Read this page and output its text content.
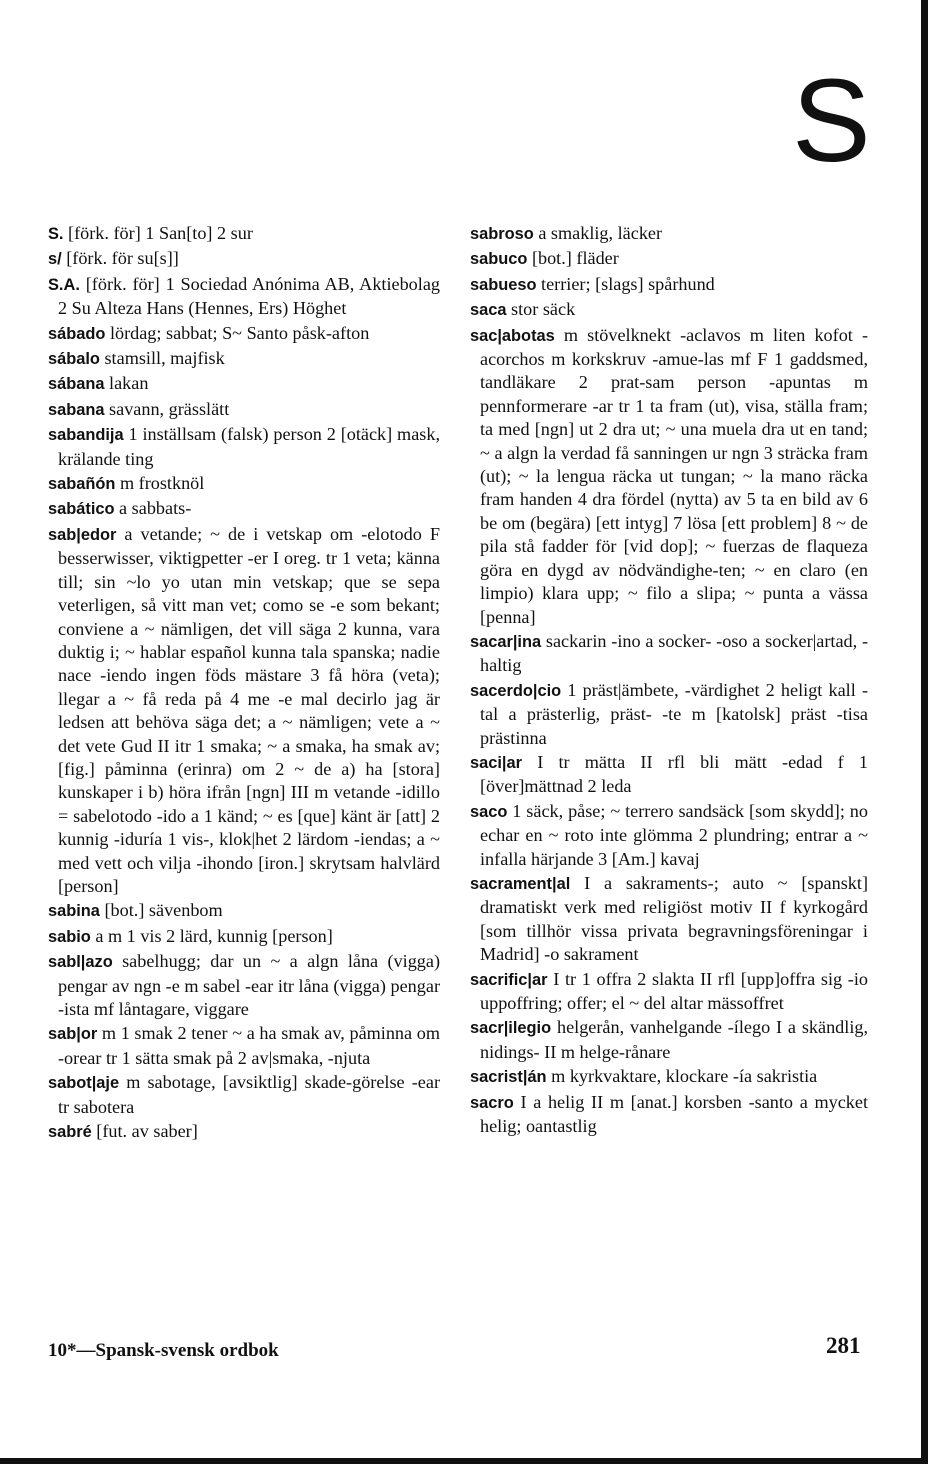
S

S. [förk. för] 1 San[to] 2 sur

s/ [förk. för su[s]]

S.A. [förk. för] 1 Sociedad Anónima AB, Aktiebolag 2 Su Alteza Hans (Hennes, Ers) Höghet

sábado lördag; sabbat; S~ Santo påsk-afton

sábalo stamsill, majfisk

sábana lakan

sabana savann, grässlätt

sabandija 1 inställsam (falsk) person 2 [otäck] mask, krälande ting

sabañón m frostknöl

sabático a sabbats-

sab|edor a vetande; ~ de i vetskap om -elotodo F besserwisser, viktigpetter -er I oreg. tr 1 veta; känna till; sin ~lo yo utan min vetskap; que se sepa veterligen, så vitt man vet; como se -e som bekant; conviene a ~ nämligen, det vill säga 2 kunna, vara duktig i; ~ hablar español kunna tala spanska; nadie nace -iendo ingen föds mästare 3 få höra (veta); llegar a ~ få reda på 4 me -e mal decirlo jag är ledsen att behöva säga det; a ~ nämligen; vete a ~ det vete Gud II itr 1 smaka; ~ a smaka, ha smak av; [fig.] påminna (erinra) om 2 ~ de a) ha [stora] kunskaper i b) höra ifrån [ngn] III m vetande -idillo = sabelotodo -ido a 1 känd; ~ es [que] känt är [att] 2 kunnig -iduría 1 vis-, klok|het 2 lärdom -iendas; a ~ med vett och vilja -ihondo [iron.] skrytsam halvlärd [person]

sabina [bot.] sävenbom

sabio a m 1 vis 2 lärd, kunnig [person]

sabl|azo sabelhugg; dar un ~ a algn låna (vigga) pengar av ngn -e m sabel -ear itr låna (vigga) pengar -ista mf låntagare, viggare

sab|or m 1 smak 2 tener ~ a ha smak av, påminna om -orear tr 1 sätta smak på 2 av|smaka, -njuta

sabot|aje m sabotage, [avsiktlig] skade-görelse -ear tr sabotera

sabré [fut. av saber]

sabroso a smaklig, läcker

sabuco [bot.] fläder

sabueso terrier; [slags] spårhund

saca stor säck

sac|abotas m stövelknekt -aclavos m liten kofot -acorchos m korkskruv -amue-las mf F 1 gaddsmed, tandläkare 2 prat-sam person -apuntas m pennformerare -ar tr 1 ta fram (ut), visa, ställa fram; ta med [ngn] ut 2 dra ut; ~ una muela dra ut en tand; ~ a algn la verdad få sanningen ur ngn 3 sträcka fram (ut); ~ la lengua räcka ut tungan; ~ la mano räcka fram handen 4 dra fördel (nytta) av 5 ta en bild av 6 be om (begära) [ett intyg] 7 lösa [ett problem] 8 ~ de pila stå fadder för [vid dop]; ~ fuerzas de flaqueza göra en dygd av nödvändighe-ten; ~ en claro (en limpio) klara upp; ~ filo a slipa; ~ punta a vässa [penna]

sacar|ina sackarin -ino a socker- -oso a socker|artad, -haltig

sacerdo|cio 1 präst|ämbete, -värdighet 2 heligt kall -tal a prästerlig, präst- -te m [katolsk] präst -tisa prästinna

saci|ar I tr mätta II rfl bli mätt -edad f 1 [över]mättnad 2 leda

saco 1 säck, påse; ~ terrero sandsäck [som skydd]; no echar en ~ roto inte glömma 2 plundring; entrar a ~ infalla härjande 3 [Am.] kavaj

sacrament|al I a sakraments-; auto ~ [spanskt] dramatiskt verk med religiöst motiv II f kyrkogård [som tillhör vissa privata begravningsföreningar i Madrid] -o sakrament

sacrific|ar I tr 1 offra 2 slakta II rfl [upp]offra sig -io uppoffring; offer; el ~ del altar mässoffret

sacr|ilegio helgerån, vanhelgande -ílego I a skändlig, nidings- II m helge-rånare

sacrist|án m kyrkvaktare, klockare -ía sakristia

sacro I a helig II m [anat.] korsben -santo a mycket helig; oantastlig

10*—Spansk-svensk ordbok	281
